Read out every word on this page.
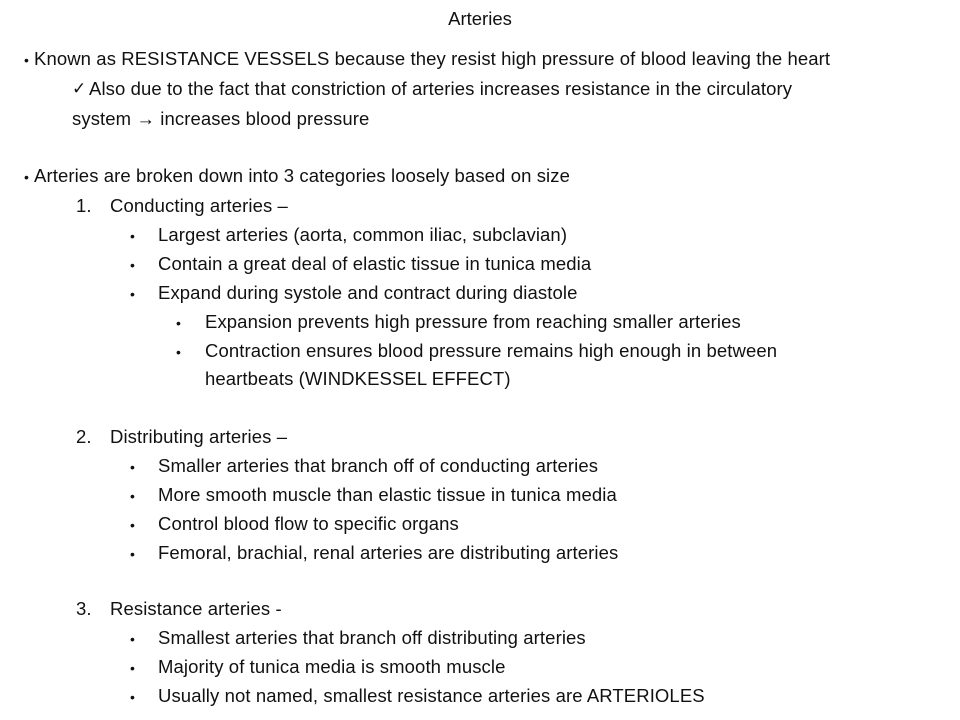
Arteries
• Known as RESISTANCE VESSELS because they resist high pressure of blood leaving the heart
✓ Also due to the fact that constriction of arteries increases resistance in the circulatory
system → increases blood pressure
• Arteries are broken down into 3 categories loosely based on size
1. Conducting arteries –
• Largest arteries (aorta, common iliac, subclavian)
• Contain a great deal of elastic tissue in tunica media
• Expand during systole and contract during diastole
• Expansion prevents high pressure from reaching smaller arteries
• Contraction ensures blood pressure remains high enough in between
heartbeats (WINDKESSEL EFFECT)
2. Distributing arteries –
• Smaller arteries that branch off of conducting arteries
• More smooth muscle than elastic tissue in tunica media
• Control blood flow to specific organs
• Femoral, brachial, renal arteries are distributing arteries
3. Resistance arteries -
• Smallest arteries that branch off distributing arteries
• Majority of tunica media is smooth muscle
• Usually not named, smallest resistance arteries are ARTERIOLES
